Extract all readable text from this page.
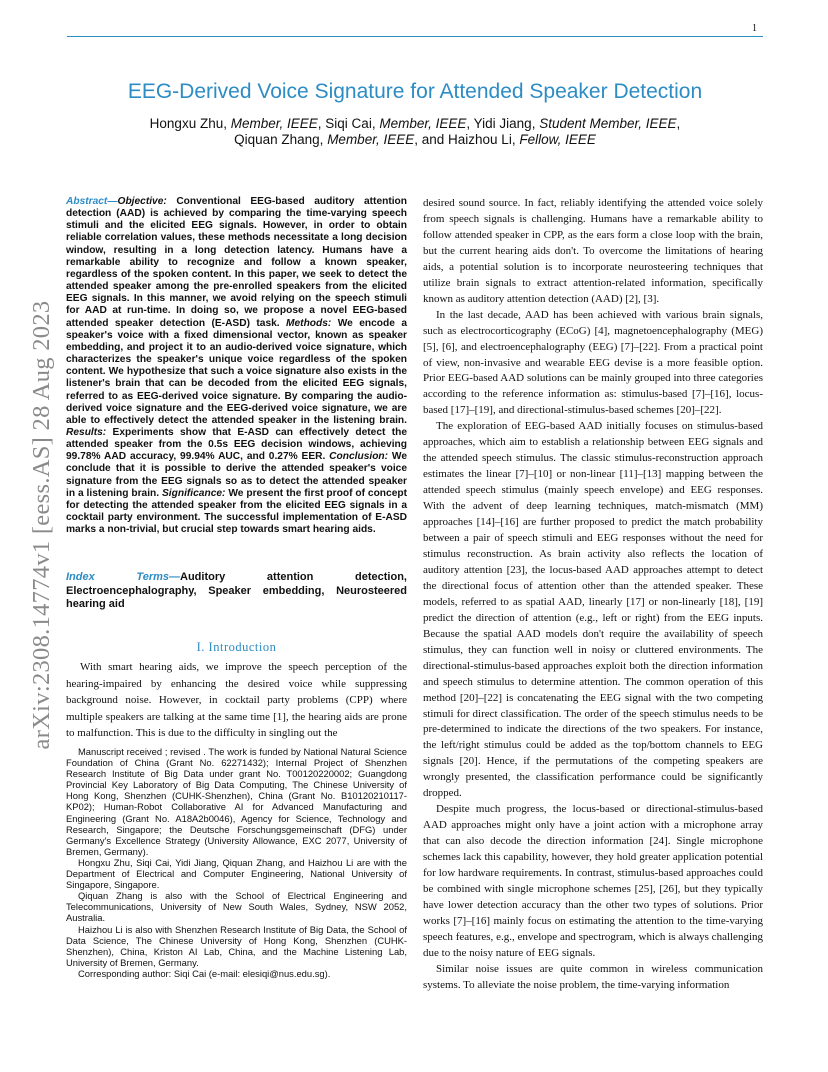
1
arXiv:2308.14774v1 [eess.AS] 28 Aug 2023
EEG-Derived Voice Signature for Attended Speaker Detection
Hongxu Zhu, Member, IEEE, Siqi Cai, Member, IEEE, Yidi Jiang, Student Member, IEEE,
Qiquan Zhang, Member, IEEE, and Haizhou Li, Fellow, IEEE
Abstract—Objective: Conventional EEG-based auditory attention detection (AAD) is achieved by comparing the time-varying speech stimuli and the elicited EEG signals. However, in order to obtain reliable correlation values, these methods necessitate a long decision window, resulting in a long detection latency. Humans have a remarkable ability to recognize and follow a known speaker, regardless of the spoken content. In this paper, we seek to detect the attended speaker among the pre-enrolled speakers from the elicited EEG signals. In this manner, we avoid relying on the speech stimuli for AAD at run-time. In doing so, we propose a novel EEG-based attended speaker detection (E-ASD) task. Methods: We encode a speaker's voice with a fixed dimensional vector, known as speaker embedding, and project it to an audio-derived voice signature, which characterizes the speaker's unique voice regardless of the spoken content. We hypothesize that such a voice signature also exists in the listener's brain that can be decoded from the elicited EEG signals, referred to as EEG-derived voice signature. By comparing the audio-derived voice signature and the EEG-derived voice signature, we are able to effectively detect the attended speaker in the listening brain. Results: Experiments show that E-ASD can effectively detect the attended speaker from the 0.5s EEG decision windows, achieving 99.78% AAD accuracy, 99.94% AUC, and 0.27% EER. Conclusion: We conclude that it is possible to derive the attended speaker's voice signature from the EEG signals so as to detect the attended speaker in a listening brain. Significance: We present the first proof of concept for detecting the attended speaker from the elicited EEG signals in a cocktail party environment. The successful implementation of E-ASD marks a non-trivial, but crucial step towards smart hearing aids.
Index Terms—Auditory attention detection, Electroencephalography, Speaker embedding, Neurosteered hearing aid
I. Introduction
With smart hearing aids, we improve the speech perception of the hearing-impaired by enhancing the desired voice while suppressing background noise. However, in cocktail party problems (CPP) where multiple speakers are talking at the same time [1], the hearing aids are prone to malfunction. This is due to the difficulty in singling out the

Manuscript received ; revised . The work is funded by National Natural Science Foundation of China (Grant No. 62271432); Internal Project of Shenzhen Research Institute of Big Data under grant No. T00120220002; Guangdong Provincial Key Laboratory of Big Data Computing, The Chinese University of Hong Kong, Shenzhen (CUHK-Shenzhen), China (Grant No. B10120210117-KP02); Human-Robot Collaborative AI for Advanced Manufacturing and Engineering (Grant No. A18A2b0046), Agency for Science, Technology and Research, Singapore; the Deutsche Forschungsgemeinschaft (DFG) under Germany's Excellence Strategy (University Allowance, EXC 2077, University of Bremen, Germany).

Hongxu Zhu, Siqi Cai, Yidi Jiang, Qiquan Zhang, and Haizhou Li are with the Department of Electrical and Computer Engineering, National University of Singapore, Singapore.

Qiquan Zhang is also with the School of Electrical Engineering and Telecommunications, University of New South Wales, Sydney, NSW 2052, Australia.

Haizhou Li is also with Shenzhen Research Institute of Big Data, the School of Data Science, The Chinese University of Hong Kong, Shenzhen (CUHK-Shenzhen), China, Kriston AI Lab, China, and the Machine Listening Lab, University of Bremen, Germany.

Corresponding author: Siqi Cai (e-mail: elesiqi@nus.edu.sg).

desired sound source. In fact, reliably identifying the attended voice solely from speech signals is challenging. Humans have a remarkable ability to follow attended speaker in CPP, as the ears form a close loop with the brain, but the current hearing aids don't. To overcome the limitations of hearing aids, a potential solution is to incorporate neurosteering techniques that utilize brain signals to extract attention-related information, specifically known as auditory attention detection (AAD) [2], [3].

In the last decade, AAD has been achieved with various brain signals, such as electrocorticography (ECoG) [4], magnetoencephalography (MEG) [5], [6], and electroencephalography (EEG) [7]–[22]. From a practical point of view, non-invasive and wearable EEG devise is a more feasible option. Prior EEG-based AAD solutions can be mainly grouped into three categories according to the reference information as: stimulus-based [7]–[16], locus-based [17]–[19], and directional-stimulus-based schemes [20]–[22].

The exploration of EEG-based AAD initially focuses on stimulus-based approaches, which aim to establish a relationship between EEG signals and the attended speech stimulus. The classic stimulus-reconstruction approach estimates the linear [7]–[10] or non-linear [11]–[13] mapping between the attended speech stimulus (mainly speech envelope) and EEG responses. With the advent of deep learning techniques, match-mismatch (MM) approaches [14]–[16] are further proposed to predict the match probability between a pair of speech stimuli and EEG responses without the need for stimulus reconstruction. As brain activity also reflects the location of auditory attention [23], the locus-based AAD approaches attempt to detect the directional focus of attention other than the attended speaker. These models, referred to as spatial AAD, linearly [17] or non-linearly [18], [19] predict the direction of attention (e.g., left or right) from the EEG inputs. Because the spatial AAD models don't require the availability of speech stimulus, they can function well in noisy or cluttered environments. The directional-stimulus-based approaches exploit both the direction information and speech stimulus to determine attention. The common operation of this method [20]–[22] is concatenating the EEG signal with the two competing stimuli for direct classification. The order of the speech stimulus needs to be pre-determined to indicate the directions of the two speakers. For instance, the left/right stimulus could be added as the top/bottom channels to EEG signals [20]. Hence, if the permutations of the competing speakers are wrongly presented, the classification performance could be significantly dropped.

Despite much progress, the locus-based or directional-stimulus-based AAD approaches might only have a joint action with a microphone array that can also decode the direction information [24]. Single microphone schemes lack this capability, however, they hold greater application potential for low hardware requirements. In contrast, stimulus-based approaches could be combined with single microphone schemes [25], [26], but they typically have lower detection accuracy than the other two types of solutions. Prior works [7]–[16] mainly focus on estimating the attention to the time-varying speech features, e.g., envelope and spectrogram, which is always challenging due to the noisy nature of EEG signals.

Similar noise issues are quite common in wireless communication systems. To alleviate the noise problem, the time-varying information
